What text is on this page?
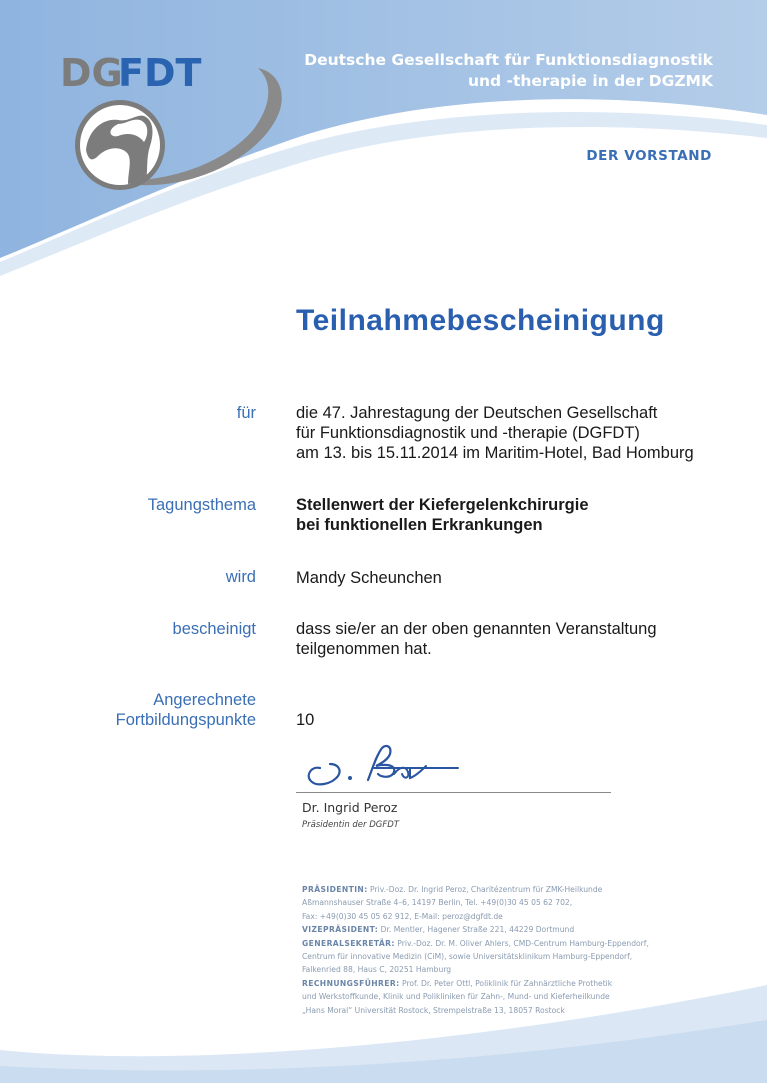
DG
FDT	Deutsche Gesellschaft für Funktionsdiagnostik
und -therapie in der DGZMK
DER VORSTAND
Teilnahmebescheinigung
für die 47. Jahrestagung der Deutschen Gesellschaft
für Funktionsdiagnostik und -therapie (DGFDT)
am 13. bis 15.11.2014 im Maritim-Hotel, Bad Homburg
Tagungsthema Stellenwert der Kiefergelenkchirurgie
bei funktionellen Erkrankungen
wird Mandy Scheunchen
bescheinigt dass sie/er an der oben genannten Veranstaltung
teilgenommen hat.
Angerechnete
Fortbildungspunkte 10
Dr. Ingrid Peroz
Präsidentin der DGFDT
PRÄSIDENTIN: Priv.-Doz. Dr. Ingrid Peroz, Charitézentrum für ZMK-Heilkunde
Aßmannshauser Straße 4–6, 14197 Berlin, Tel. +49(0)30 45 05 62 702,
Fax: +49(0)30 45 05 62 912, E-Mail: peroz@dgfdt.de
VIZEPRÄSIDENT: Dr. Mentler, Hagener Straße 221, 44229 Dortmund
GENERALSEKRETÄR: Priv.-Doz. Dr. M. Oliver Ahlers, CMD-Centrum Hamburg-Eppendorf,
Centrum für innovative Medizin (CiM), sowie Universitätsklinikum Hamburg-Eppendorf,
Falkenried 88, Haus C, 20251 Hamburg
RECHNUNGSFÜHRER: Prof. Dr. Peter Ottl, Poliklinik für Zahnärztliche Prothetik
und Werkstoffkunde, Klinik und Polikliniken für Zahn-, Mund- und Kieferheilkunde
„Hans Moral“ Universität Rostock, Strempelstraße 13, 18057 Rostock
